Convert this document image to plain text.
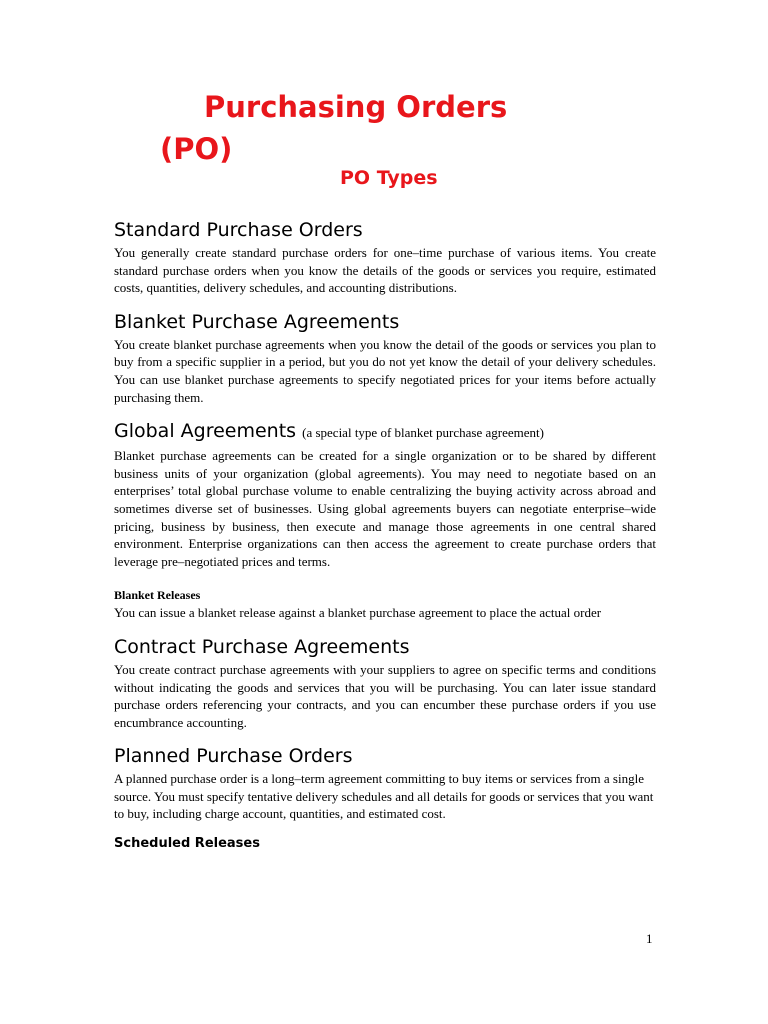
Purchasing Orders
(PO)
PO Types
Standard Purchase Orders

You generally create standard purchase orders for one–time purchase of various items. You create standard purchase orders when you know the details of the goods or services you require, estimated costs, quantities, delivery schedules, and accounting distributions.

Blanket Purchase Agreements

You create blanket purchase agreements when you know the detail of the goods or services you plan to buy from a specific supplier in a period, but you do not yet know the detail of your delivery schedules. You can use blanket purchase agreements to specify negotiated prices for your items before actually purchasing them.

Global Agreements (a special type of blanket purchase agreement)

Blanket purchase agreements can be created for a single organization or to be shared by different business units of your organization (global agreements). You may need to negotiate based on an enterprises’ total global purchase volume to enable centralizing the buying activity across abroad and sometimes diverse set of businesses. Using global agreements buyers can negotiate enterprise–wide pricing, business by business, then execute and manage those agreements in one central shared environment. Enterprise organizations can then access the agreement to create purchase orders that leverage pre–negotiated prices and terms.

Blanket Releases

You can issue a blanket release against a blanket purchase agreement to place the actual order

Contract Purchase Agreements

You create contract purchase agreements with your suppliers to agree on specific terms and conditions without indicating the goods and services that you will be purchasing. You can later issue standard purchase orders referencing your contracts, and you can encumber these purchase orders if you use encumbrance accounting.

Planned Purchase Orders

A planned purchase order is a long–term agreement committing to buy items or services from a single source. You must specify tentative delivery schedules and all details for goods or services that you want to buy, including charge account, quantities, and estimated cost.

Scheduled Releases
1
